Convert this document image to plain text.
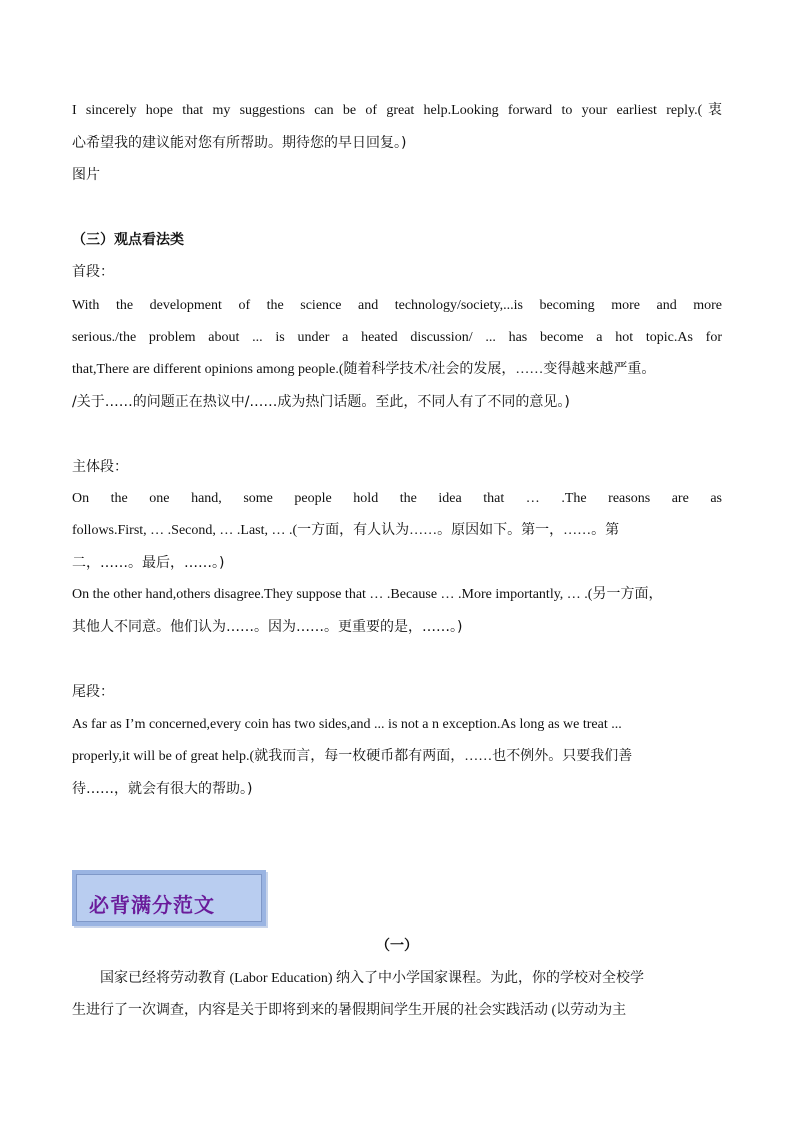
I sincerely hope that my suggestions can be of great help.Looking forward to your earliest reply.(衷
心希望我的建议能对您有所帮助。期待您的早日回复。)
图片
（三）观点看法类
首段：
With the development of the science and technology/society,...is becoming more and more
serious./the problem about ... is under a heated discussion/ ... has become a hot topic.As for
that,There are different opinions among people.(随着科学技术/社会的发展，……变得越来越严重。
/关于……的问题正在热议中/……成为热门话题。至此，不同人有了不同的意见。)
主体段：
On the one hand, some people hold the idea that … .The reasons are as
follows.First, … .Second, … .Last, … .(一方面，有人认为……。原因如下。第一，……。第
二，……。最后，……。)
On the other hand,others disagree.They suppose that … .Because … .More importantly, … .(另一方面，
其他人不同意。他们认为……。因为……。更重要的是，……。)
尾段：
As far as I’m concerned,every coin has two sides,and ... is not a n exception.As long as we treat ...
properly,it will be of great help.(就我而言，每一枚硬币都有两面，……也不例外。只要我们善
待……，就会有很大的帮助。)
（一）
国家已经将劳动教育 (Labor Education) 纳入了中小学国家课程。为此，你的学校对全校学
生进行了一次调查，内容是关于即将到来的暑假期间学生开展的社会实践活动 (以劳动为主
必背满分范文
